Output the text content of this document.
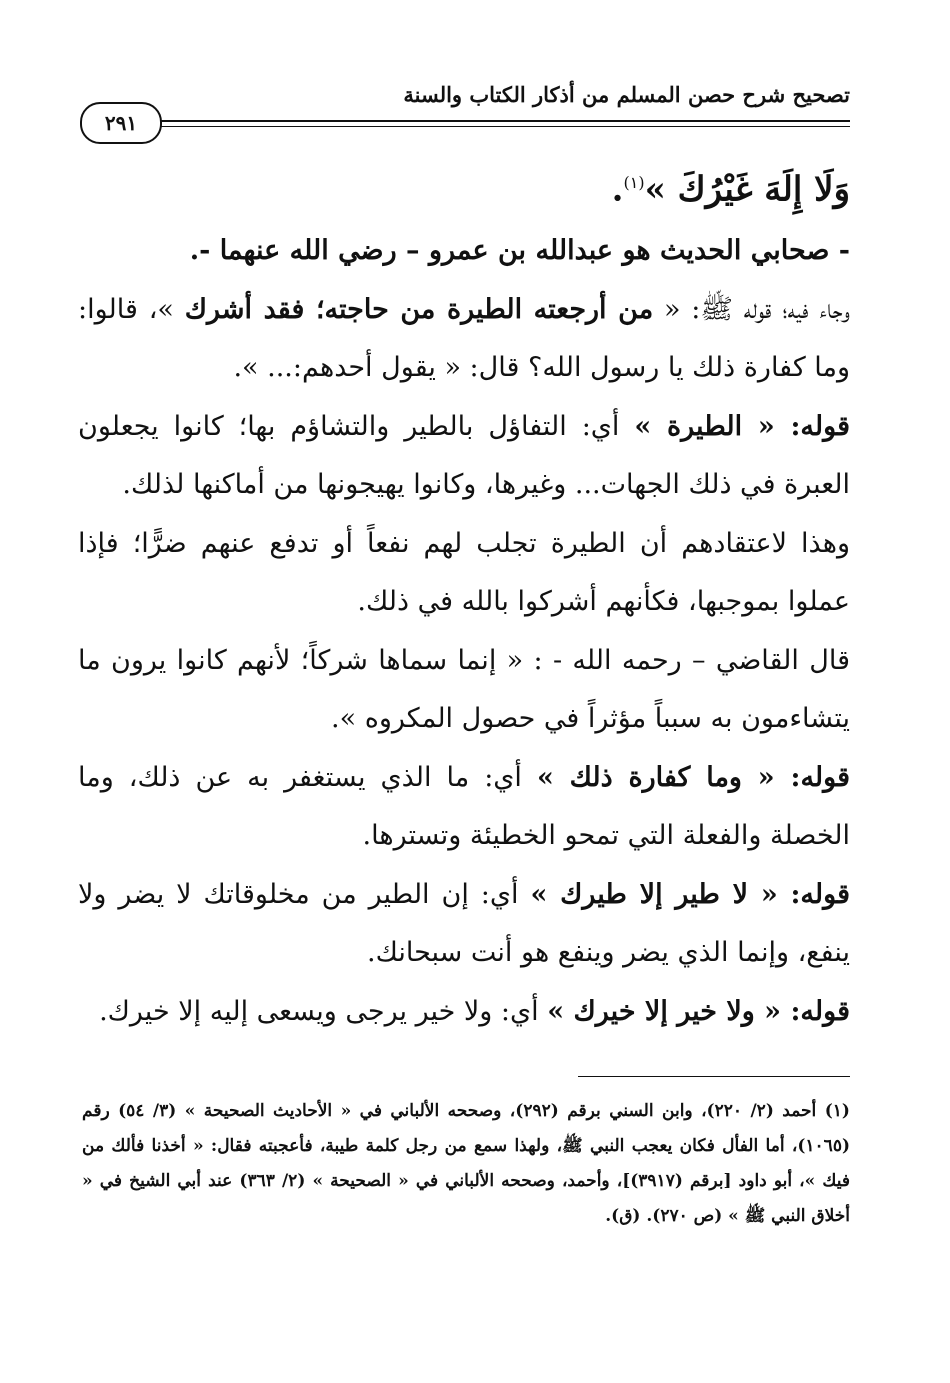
تصحيح شرح حصن المسلم من أذكار الكتاب والسنة
٢٩١

وَلَا إِلَهَ غَيْرُكَ »$^{(١)}$.

- صحابي الحديث هو عبدالله بن عمرو – رضي الله عنهما -.

وجاء فيه؛ قوله ﷺ: « من أرجعته الطيرة من حاجته؛ فقد أشرك »، قالوا: وما كفارة ذلك يا رسول الله؟ قال: « يقول أحدهم:... ».

قوله: « الطيرة » أي: التفاؤل بالطير والتشاؤم بها؛ كانوا يجعلون العبرة في ذلك الجهات... وغيرها، وكانوا يهيجونها من أماكنها لذلك.

وهذا لاعتقادهم أن الطيرة تجلب لهم نفعاً أو تدفع عنهم ضرًّا؛ فإذا عملوا بموجبها، فكأنهم أشركوا بالله في ذلك.

قال القاضي – رحمه الله - : « إنما سماها شركاً؛ لأنهم كانوا يرون ما يتشاءمون به سبباً مؤثراً في حصول المكروه ».

قوله: « وما كفارة ذلك » أي: ما الذي يستغفر به عن ذلك، وما الخصلة والفعلة التي تمحو الخطيئة وتسترها.

قوله: « لا طير إلا طيرك » أي: إن الطير من مخلوقاتك لا يضر ولا ينفع، وإنما الذي يضر وينفع هو أنت سبحانك.

قوله: « ولا خير إلا خيرك » أي: ولا خير يرجى ويسعى إليه إلا خيرك.

(١) أحمد (٢/ ٢٢٠)، وابن السني برقم (٢٩٢)، وصححه الألباني في « الأحاديث الصحيحة » (٣/ ٥٤) رقم (١٠٦٥)، أما الفأل فكان يعجب النبي ﷺ، ولهذا سمع من رجل كلمة طيبة، فأعجبته فقال: « أخذنا فألك من فيك »، أبو داود [برقم (٣٩١٧)]، وأحمد، وصححه الألباني في « الصحيحة » (٢/ ٣٦٣) عند أبي الشيخ في « أخلاق النبي ﷺ » (ص ٢٧٠). (ق).
